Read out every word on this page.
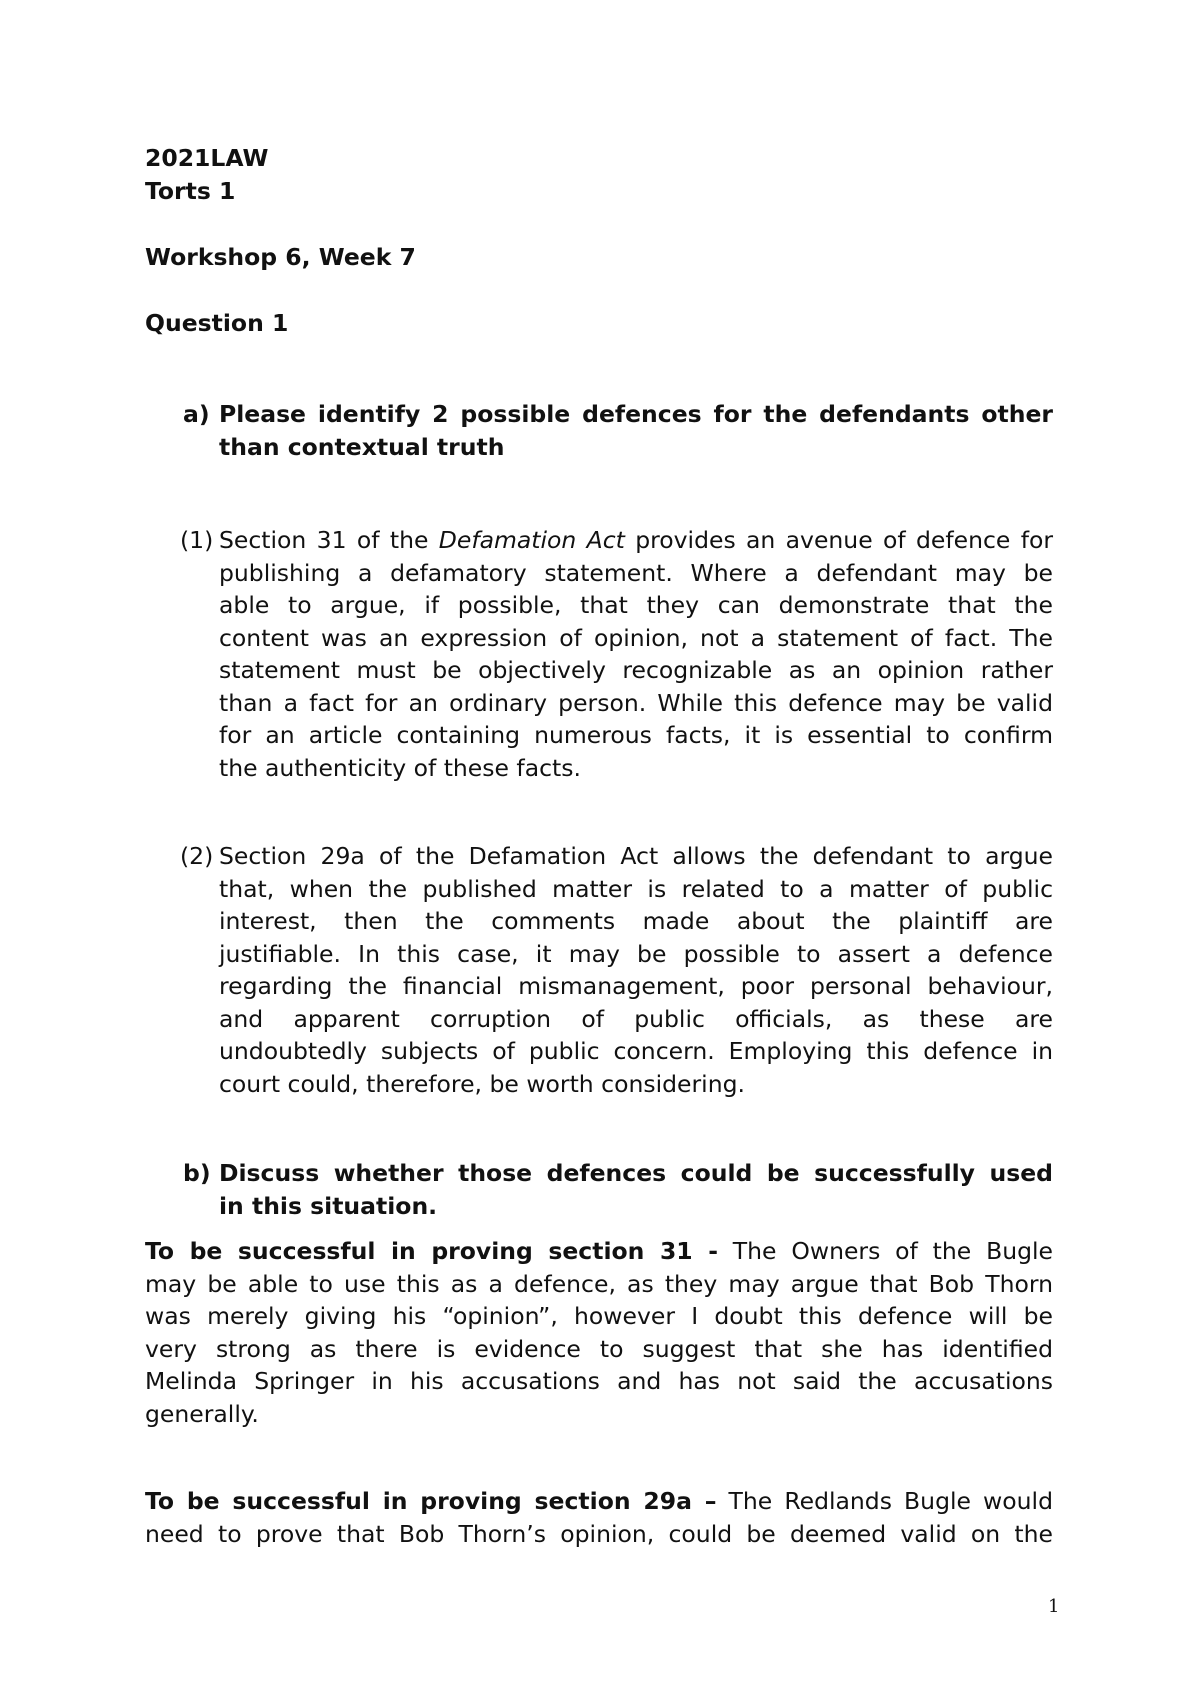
2021LAW
Torts 1
Workshop 6, Week 7
Question 1
a) Please identify 2 possible defences for the defendants other
than contextual truth
(1) Section 31 of the Defamation Act provides an avenue of defence for
publishing a defamatory statement. Where a defendant may be
able to argue, if possible, that they can demonstrate that the
content was an expression of opinion, not a statement of fact. The
statement must be objectively recognizable as an opinion rather
than a fact for an ordinary person. While this defence may be valid
for an article containing numerous facts, it is essential to confirm
the authenticity of these facts.
(2) Section 29a of the Defamation Act allows the defendant to argue
that, when the published matter is related to a matter of public
interest, then the comments made about the plaintiff are
justifiable. In this case, it may be possible to assert a defence
regarding the financial mismanagement, poor personal behaviour,
and apparent corruption of public officials, as these are
undoubtedly subjects of public concern. Employing this defence in
court could, therefore, be worth considering.
b) Discuss whether those defences could be successfully used
in this situation.
To be successful in proving section 31 - The Owners of the Bugle
may be able to use this as a defence, as they may argue that Bob Thorn
was merely giving his “opinion”, however I doubt this defence will be
very strong as there is evidence to suggest that she has identified
Melinda Springer in his accusations and has not said the accusations
generally.
To be successful in proving section 29a – The Redlands Bugle would
need to prove that Bob Thorn’s opinion, could be deemed valid on the
1
